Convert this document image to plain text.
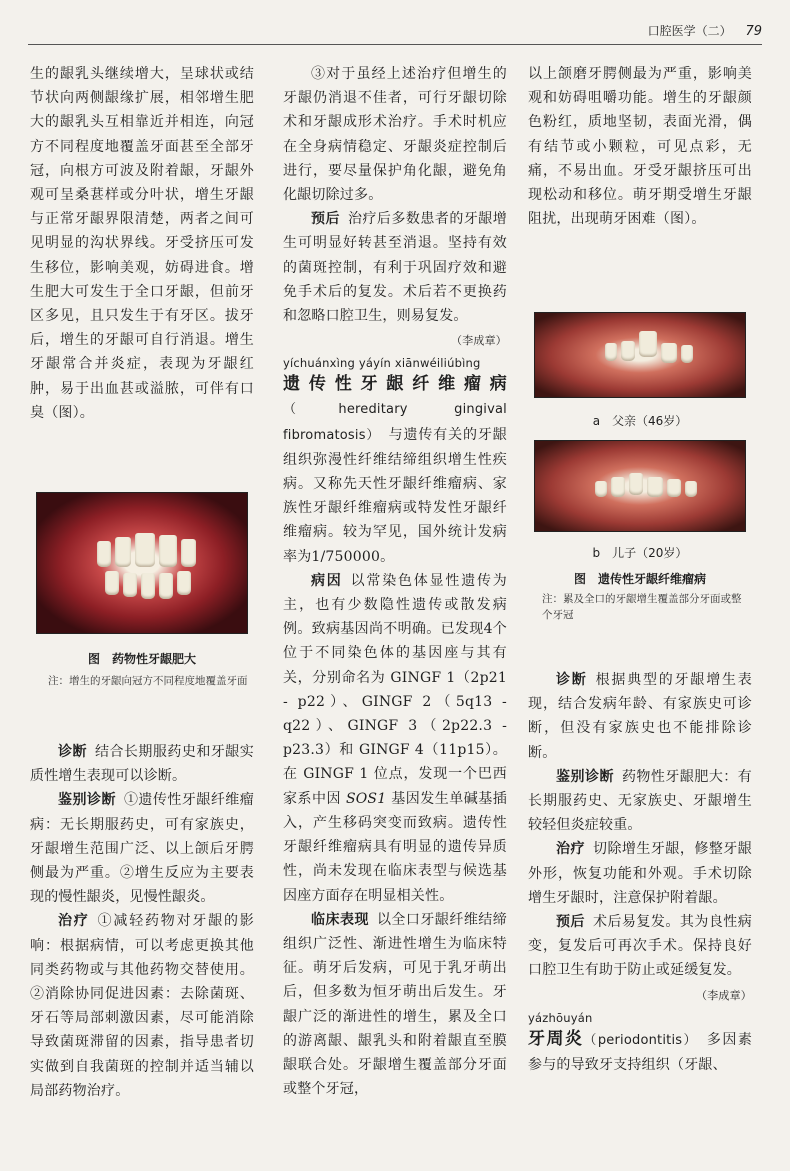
口腔医学（二） 79

生的龈乳头继续增大，呈球状或结节状向两侧龈缘扩展，相邻增生肥大的龈乳头互相靠近并相连，向冠方不同程度地覆盖牙面甚至全部牙冠，向根方可波及附着龈，牙龈外观可呈桑葚样或分叶状，增生牙龈与正常牙龈界限清楚，两者之间可见明显的沟状界线。牙受挤压可发生移位，影响美观，妨碍进食。增生肥大可发生于全口牙龈，但前牙区多见，且只发生于有牙区。拔牙后，增生的牙龈可自行消退。增生牙龈常合并炎症，表现为牙龈红肿，易于出血甚或溢脓，可伴有口臭（图）。

图　药物性牙龈肥大
注：增生的牙龈向冠方不同程度地覆盖牙面

诊断 结合长期服药史和牙龈实质性增生表现可以诊断。

鉴别诊断 ①遗传性牙龈纤维瘤病：无长期服药史，可有家族史，牙龈增生范围广泛、以上颌后牙腭侧最为严重。②增生反应为主要表现的慢性龈炎，见慢性龈炎。

治疗 ①减轻药物对牙龈的影响：根据病情，可以考虑更换其他同类药物或与其他药物交替使用。②消除协同促进因素：去除菌斑、牙石等局部刺激因素，尽可能消除导致菌斑滞留的因素，指导患者切实做到自我菌斑的控制并适当辅以局部药物治疗。

③对于虽经上述治疗但增生的牙龈仍消退不佳者，可行牙龈切除术和牙龈成形术治疗。手术时机应在全身病情稳定、牙龈炎症控制后进行，要尽量保护角化龈，避免角化龈切除过多。

预后 治疗后多数患者的牙龈增生可明显好转甚至消退。坚持有效的菌斑控制，有利于巩固疗效和避免手术后的复发。术后若不更换药和忽略口腔卫生，则易复发。

（李成章）
yíchuánxìng yáyín xiānwéiliúbìng

遗传性牙龈纤维瘤病（hereditary gingival fibromatosis）　 与遗传有关的牙龈组织弥漫性纤维结缔组织增生性疾病。又称先天性牙龈纤维瘤病、家族性牙龈纤维瘤病或特发性牙龈纤维瘤病。较为罕见，国外统计发病率为1/750000。

病因 以常染色体显性遗传为主，也有少数隐性遗传或散发病例。致病基因尚不明确。已发现4个位于不同染色体的基因座与其有关，分别命名为 GINGF 1（2p21 - p22）、GINGF 2（5q13 - q22）、GINGF 3（2p22.3 - p23.3）和 GINGF 4（11p15）。在 GINGF 1 位点，发现一个巴西家系中因 SOS1 基因发生单碱基插入，产生移码突变而致病。遗传性牙龈纤维瘤病具有明显的遗传异质性，尚未发现在临床表型与候选基因座方面存在明显相关性。

临床表现 以全口牙龈纤维结缔组织广泛性、渐进性增生为临床特征。萌牙后发病，可见于乳牙萌出后，但多数为恒牙萌出后发生。牙龈广泛的渐进性的增生，累及全口的游离龈、龈乳头和附着龈直至膜龈联合处。牙龈增生覆盖部分牙面或整个牙冠，

以上颌磨牙腭侧最为严重，影响美观和妨碍咀嚼功能。增生的牙龈颜色粉红，质地坚韧，表面光滑，偶有结节或小颗粒，可见点彩，无痛，不易出血。牙受牙龈挤压可出现松动和移位。萌牙期受增生牙龈阻扰，出现萌牙困难（图）。

a　父亲（46岁）
b　儿子（20岁）
图　遗传性牙龈纤维瘤病
注：累及全口的牙龈增生覆盖部分牙面或整个牙冠

诊断 根据典型的牙龈增生表现，结合发病年龄、有家族史可诊断，但没有家族史也不能排除诊断。

鉴别诊断 药物性牙龈肥大：有长期服药史、无家族史、牙龈增生较轻但炎症较重。

治疗 切除增生牙龈，修整牙龈外形，恢复功能和外观。手术切除增生牙龈时，注意保护附着龈。

预后 术后易复发。其为良性病变，复发后可再次手术。保持良好口腔卫生有助于防止或延缓复发。

（李成章）
yázhōuyán

牙周炎（periodontitis）　 多因素参与的导致牙支持组织（牙龈、
